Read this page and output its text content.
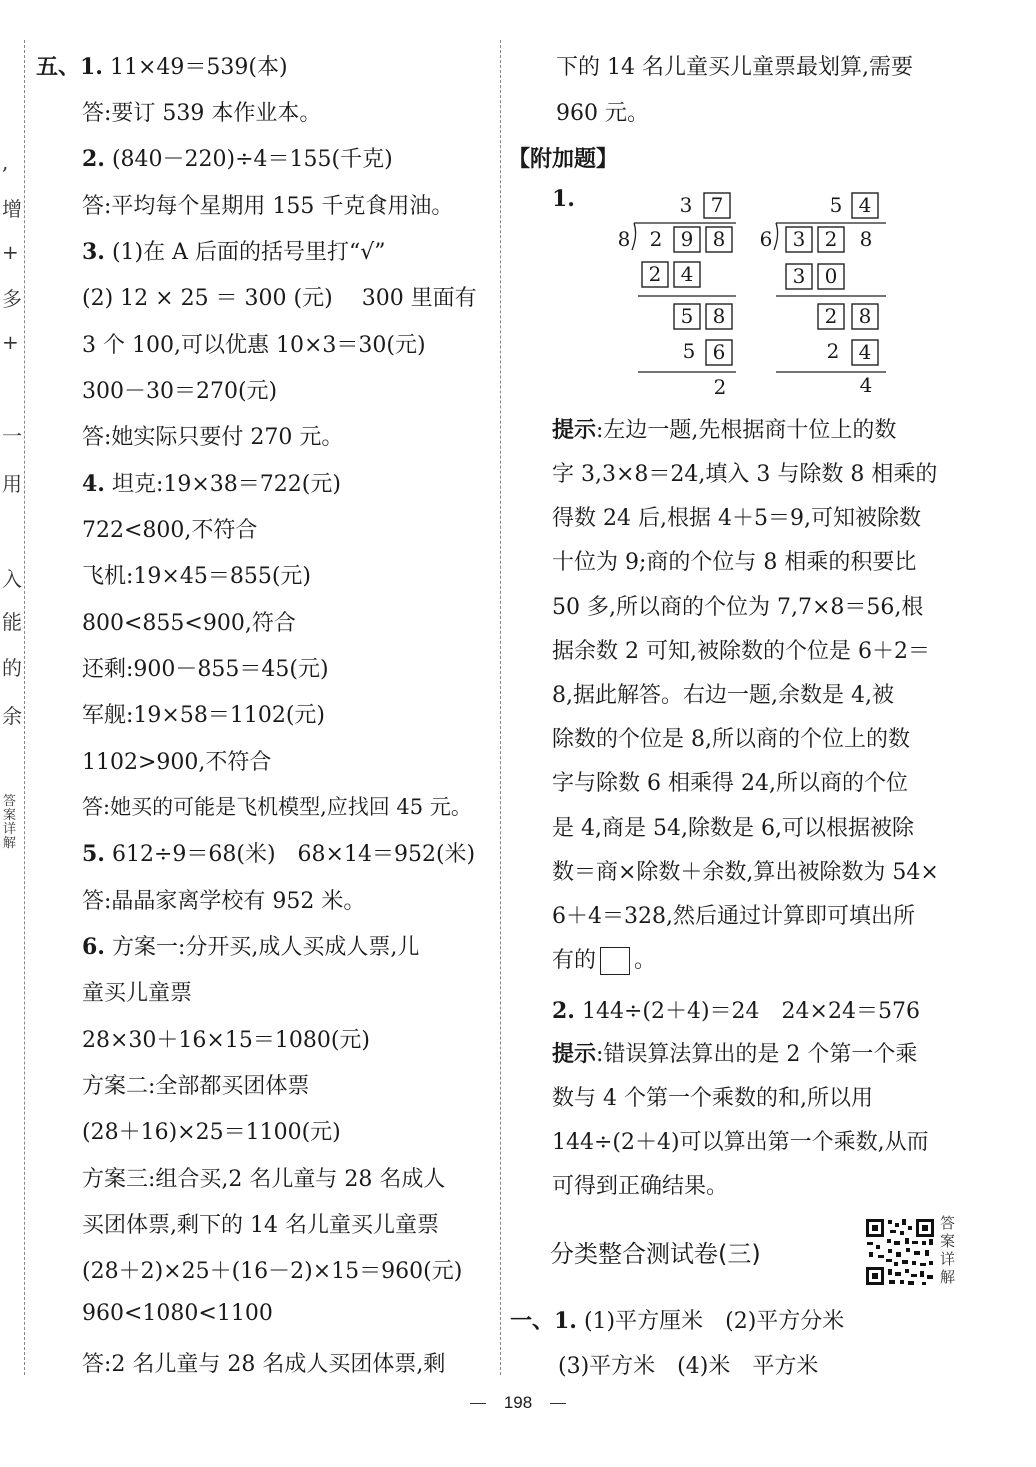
,
增
+
多
+
一
用
入
能
的
余
答案详解
五、1. 11×49＝539(本)
答:要订 539 本作业本。
2. (840－220)÷4＝155(千克)
答:平均每个星期用 155 千克食用油。
3. (1)在 A 后面的括号里打“√”
(2) 12 × 25 ＝ 300 (元)　 300 里面有
3 个 100,可以优惠 10×3＝30(元)
300－30＝270(元)
答:她实际只要付 270 元。
4. 坦克:19×38＝722(元)
722<800,不符合
飞机:19×45＝855(元)
800<855<900,符合
还剩:900－855＝45(元)
军舰:19×58＝1102(元)
1102>900,不符合
答:她买的可能是飞机模型,应找回 45 元。
5. 612÷9＝68(米)　68×14＝952(米)
答:晶晶家离学校有 952 米。
6. 方案一:分开买,成人买成人票,儿
童买儿童票
28×30＋16×15＝1080(元)
方案二:全部都买团体票
(28＋16)×25＝1100(元)
方案三:组合买,2 名儿童与 28 名成人
买团体票,剩下的 14 名儿童买儿童票
(28＋2)×25＋(16－2)×15＝960(元)
960<1080<1100
答:2 名儿童与 28 名成人买团体票,剩
下的 14 名儿童买儿童票最划算,需要
960 元。
【附加题】
1.	3 7
8 2 9 8
2 4
5 8
5 6
2
5 4
6 3 2 8
3 0
2 8
2 4
4
提示:左边一题,先根据商十位上的数
字 3,3×8＝24,填入 3 与除数 8 相乘的
得数 24 后,根据 4＋5＝9,可知被除数
十位为 9;商的个位与 8 相乘的积要比
50 多,所以商的个位为 7,7×8＝56,根
据余数 2 可知,被除数的个位是 6＋2＝
8,据此解答。右边一题,余数是 4,被
除数的个位是 8,所以商的个位上的数
字与除数 6 相乘得 24,所以商的个位
是 4,商是 54,除数是 6,可以根据被除
数＝商×除数＋余数,算出被除数为 54×
6＋4＝328,然后通过计算即可填出所
有的 。
2. 144÷(2＋4)＝24　24×24＝576
提示:错误算法算出的是 2 个第一个乘
数与 4 个第一个乘数的和,所以用
144÷(2＋4)可以算出第一个乘数,从而
可得到正确结果。
分类整合测试卷(三)
答案详解
一、1. (1)平方厘米　(2)平方分米
(3)平方米　(4)米　平方米
198
